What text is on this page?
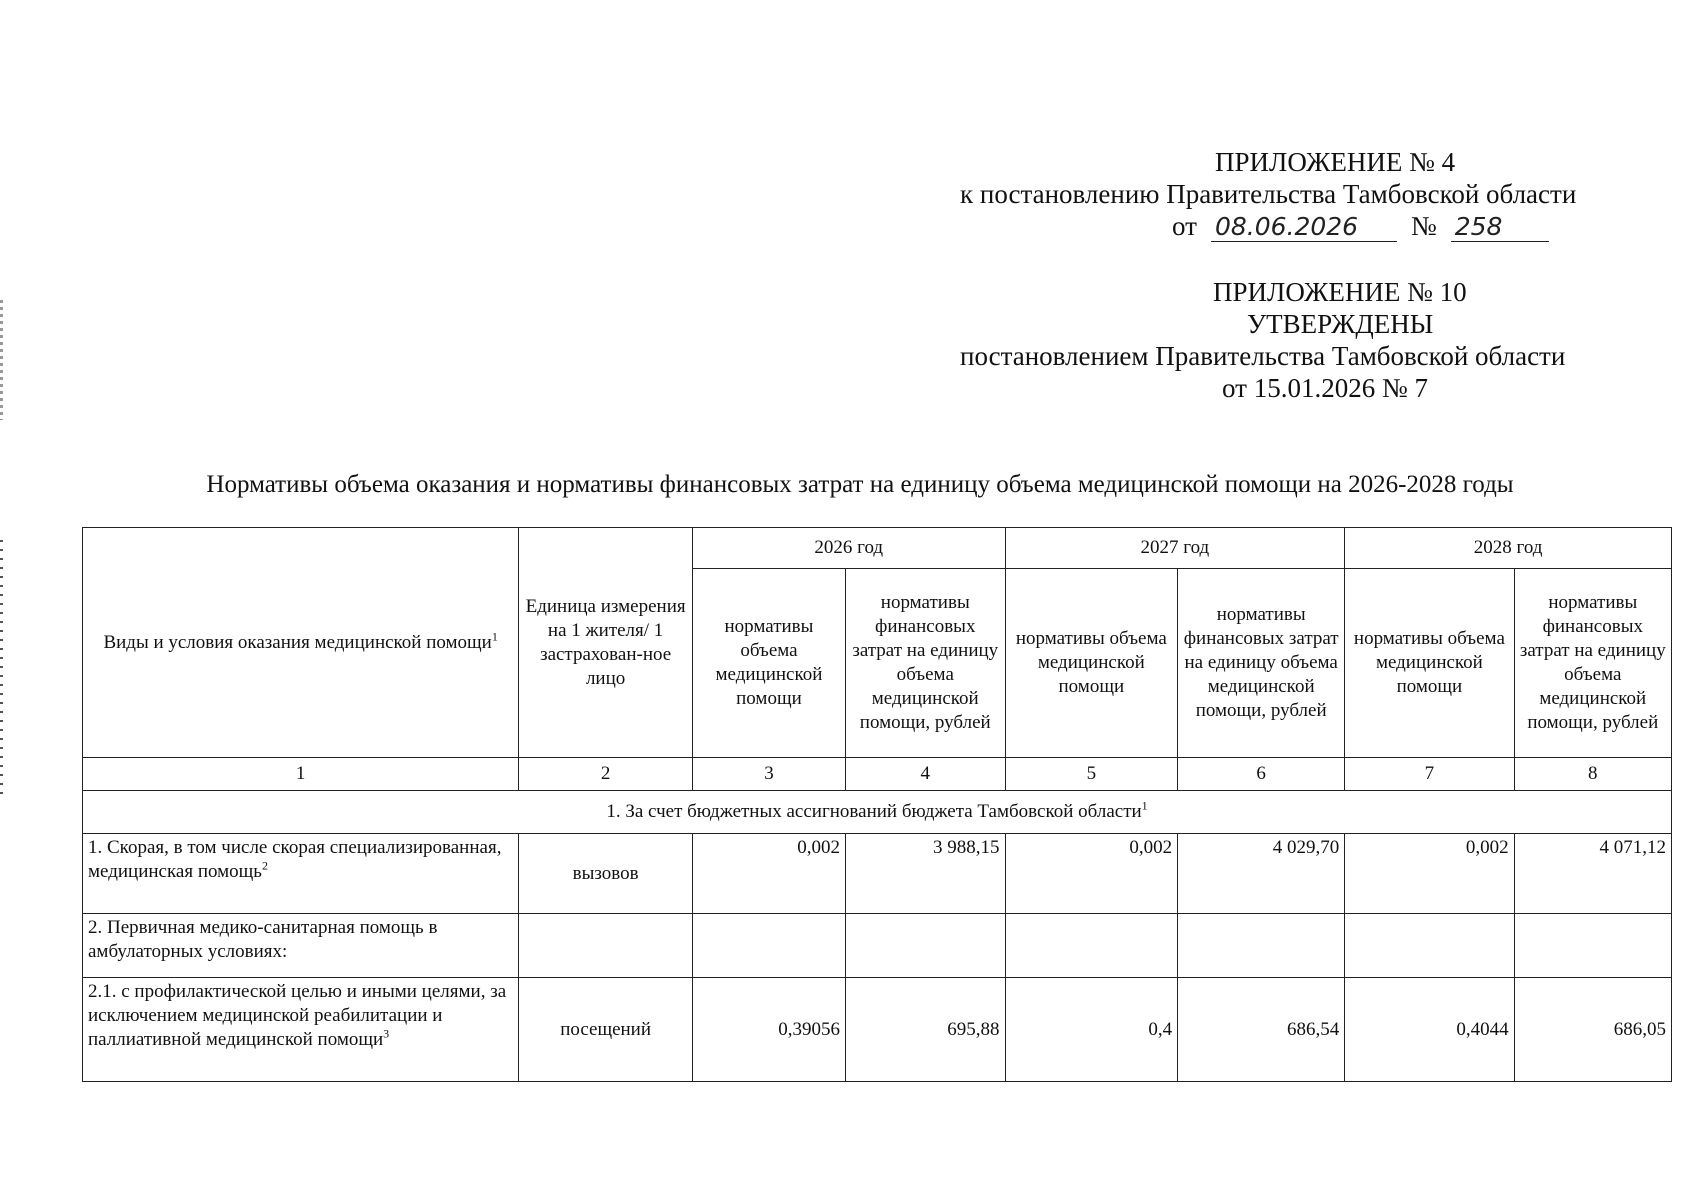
ПРИЛОЖЕНИЕ № 4
к постановлению Правительства Тамбовской области
от 08.06.2026	№ 258
ПРИЛОЖЕНИЕ № 10
УТВЕРЖДЕНЫ
постановлением Правительства Тамбовской области
от 15.01.2026 № 7
Нормативы объема оказания и нормативы финансовых затрат на единицу объема медицинской помощи на 2026-2028 годы
Виды и условия оказания медицинской помощи$^1$	Единица измерения на 1 жителя/ 1 застрахован-ное лицо	2026 год		2027 год		2028 год	
		нормативы объема медицинской помощи	нормативы финансовых затрат на единицу объема медицинской помощи, рублей	нормативы объема медицинской помощи	нормативы финансовых затрат на единицу объема медицинской помощи, рублей	нормативы объема медицинской помощи	нормативы финансовых затрат на единицу объема медицинской помощи, рублей
1	2	3	4	5	6	7	8
1. За счет бюджетных ассигнований бюджета Тамбовской области$^1$
1. Скорая, в том числе скорая специализированная, медицинская помощь$^2$	вызовов	0,002	3 988,15	0,002	4 029,70	0,002	4 071,12
2. Первичная медико-санитарная помощь в амбулаторных условиях:							
2.1. с профилактической целью и иными целями, за исключением медицинской реабилитации и паллиативной медицинской помощи$^3$	посещений	0,39056	695,88	0,4	686,54	0,4044	686,05
